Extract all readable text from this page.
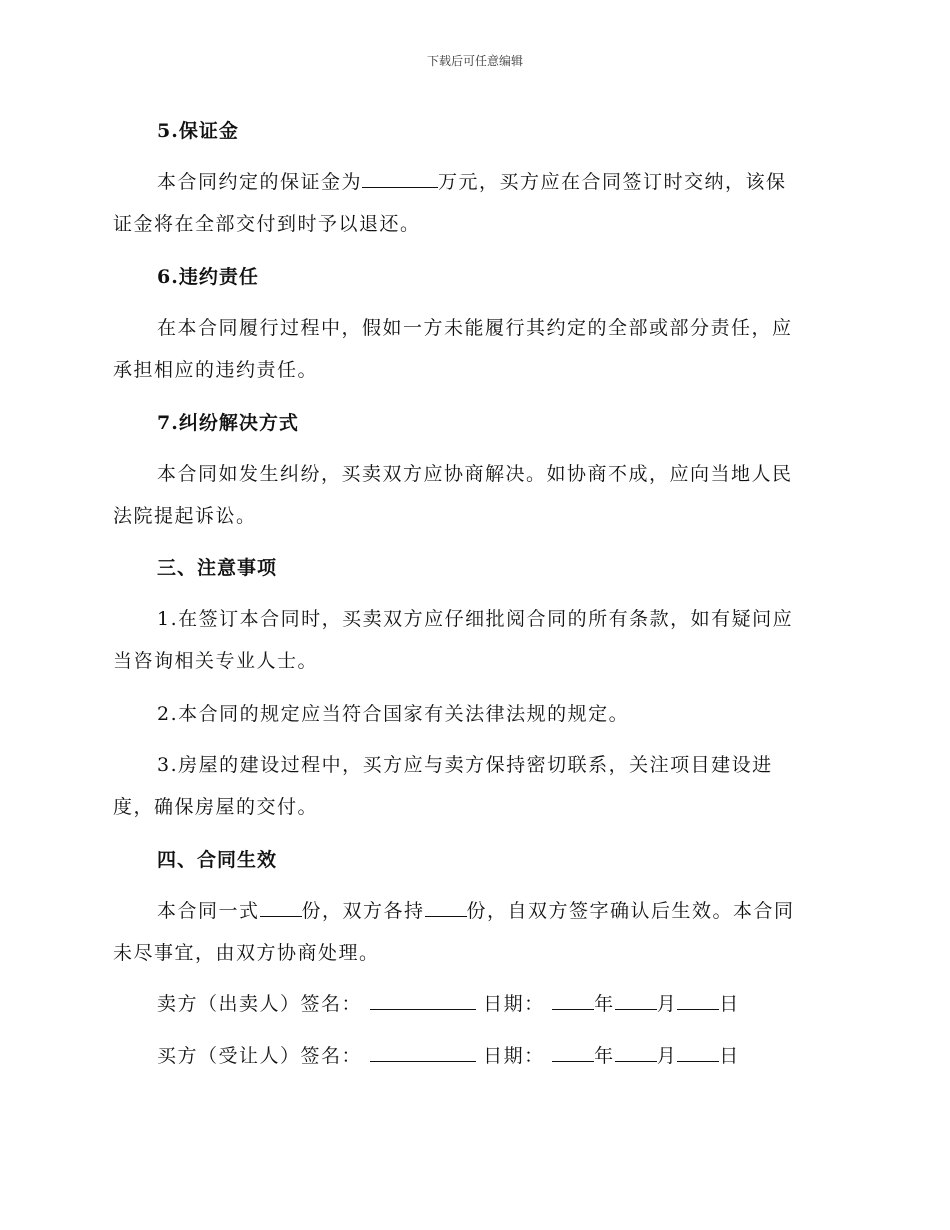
下载后可任意编辑
5.保证金
本合同约定的保证金为	万元，买方应在合同签订时交纳，该保
证金将在全部交付到时予以退还。
6.违约责任
在本合同履行过程中，假如一方未能履行其约定的全部或部分责任，应
承担相应的违约责任。
7.纠纷解决方式
本合同如发生纠纷，买卖双方应协商解决。如协商不成，应向当地人民
法院提起诉讼。
三、注意事项
1.在签订本合同时，买卖双方应仔细批阅合同的所有条款，如有疑问应
当咨询相关专业人士。
2.本合同的规定应当符合国家有关法律法规的规定。
3.房屋的建设过程中，买方应与卖方保持密切联系，关注项目建设进
度，确保房屋的交付。
四、合同生效
本合同一式 份，双方各持 份，自双方签字确认后生效。本合同
未尽事宜，由双方协商处理。
卖方（出卖人）签名：	日期：	年 月 日
买方（受让人）签名：	日期：	年 月 日
